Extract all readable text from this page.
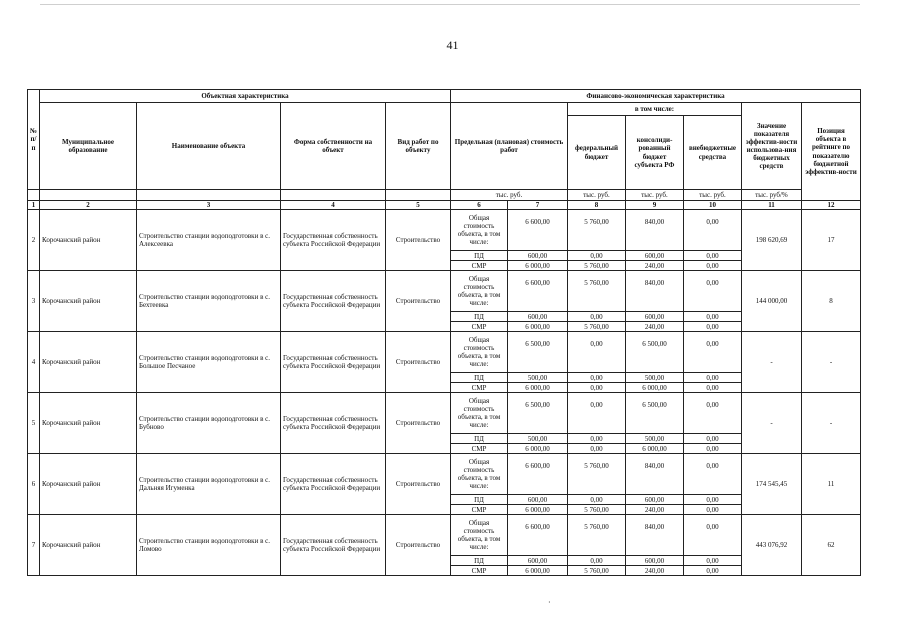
41
№ п/п	Объектная характеристика				Финансово-экономическая характеристика						
	Муниципальное образование	Наименование объекта	Форма собственности на объект	Вид работ по объекту	Предельная (плановая) стоимость работ		в том числе:			Значение показателя эффектив-ности использова-ния бюджетных средств	Позиция объекта в рейтинге по показателю бюджетной эффектив-ности
							федеральный бюджет	консолиди-рованный бюджет субъекта РФ	внебюджетные средства		
					тыс. руб.		тыс. руб.	тыс. руб.	тыс. руб.	тыс. руб/%	
1	2	3	4	5	6	7	8	9	10	11	12
2	Корочанский район	Строительство станции водоподготовки в с. Алексеевка	Государственная собственность субъекта Российской Федерации	Строительство	Общая стоимость объекта, в том числе:	6 600,00	5 760,00	840,00	0,00	198 620,69	17
					ПД	600,00	0,00	600,00	0,00		
					СМР	6 000,00	5 760,00	240,00	0,00		
3	Корочанский район	Строительство станции водоподготовки в с. Бехтеевка	Государственная собственность субъекта Российской Федерации	Строительство	Общая стоимость объекта, в том числе:	6 600,00	5 760,00	840,00	0,00	144 000,00	8
					ПД	600,00	0,00	600,00	0,00		
					СМР	6 000,00	5 760,00	240,00	0,00		
4	Корочанский район	Строительство станции водоподготовки в с. Большое Песчаное	Государственная собственность субъекта Российской Федерации	Строительство	Общая стоимость объекта, в том числе:	6 500,00	0,00	6 500,00	0,00	-	-
					ПД	500,00	0,00	500,00	0,00		
					СМР	6 000,00	0,00	6 000,00	0,00		
5	Корочанский район	Строительство станции водоподготовки в с. Бубново	Государственная собственность субъекта Российской Федерации	Строительство	Общая стоимость объекта, в том числе:	6 500,00	0,00	6 500,00	0,00	-	-
					ПД	500,00	0,00	500,00	0,00		
					СМР	6 000,00	0,00	6 000,00	0,00		
6	Корочанский район	Строительство станции водоподготовки в с. Дальняя Игуменка	Государственная собственность субъекта Российской Федерации	Строительство	Общая стоимость объекта, в том числе:	6 600,00	5 760,00	840,00	0,00	174 545,45	11
					ПД	600,00	0,00	600,00	0,00		
					СМР	6 000,00	5 760,00	240,00	0,00		
7	Корочанский район	Строительство станции водоподготовки в с. Ломово	Государственная собственность субъекта Российской Федерации	Строительство	Общая стоимость объекта, в том числе:	6 600,00	5 760,00	840,00	0,00	443 076,92	62
					ПД	600,00	0,00	600,00	0,00		
					СМР	6 000,00	5 760,00	240,00	0,00		
·
